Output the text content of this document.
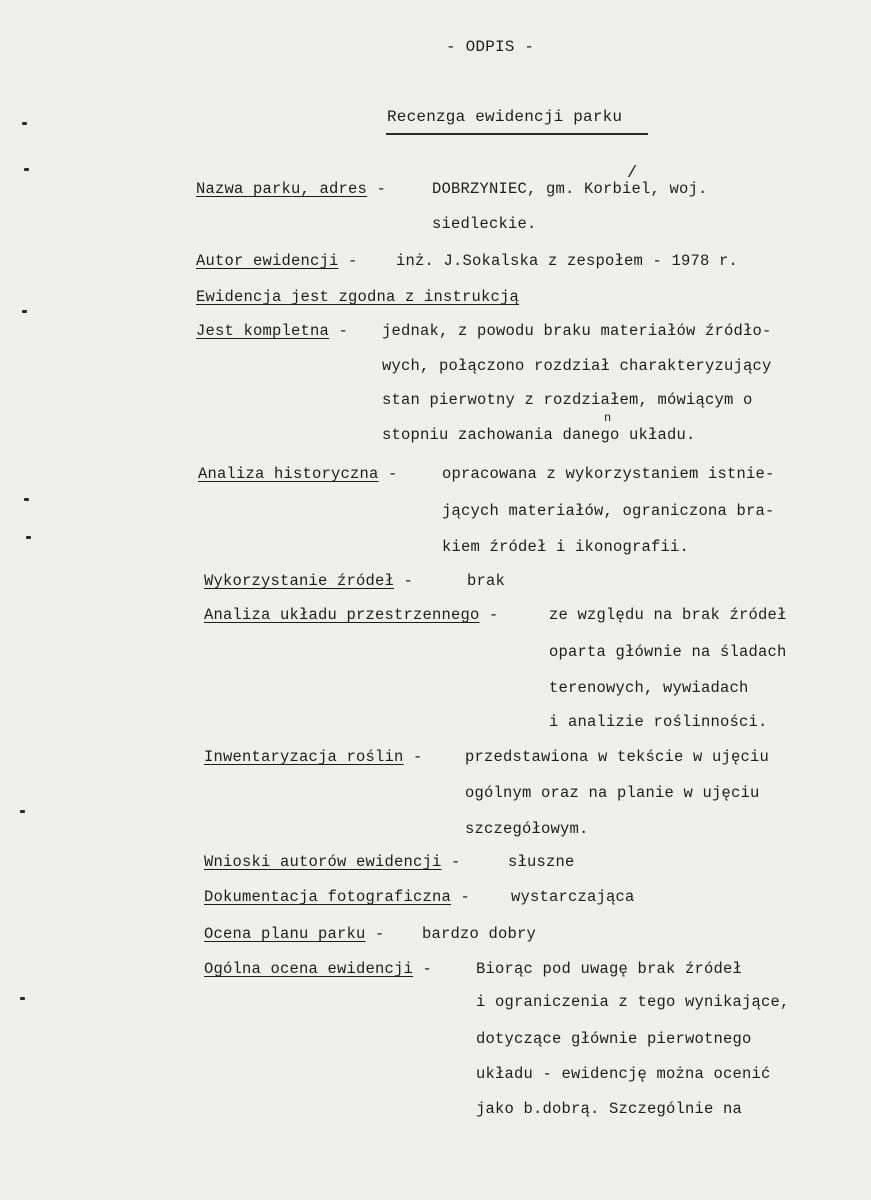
- ODPIS -
Recenzga ewidencji parku
/
n
Nazwa parku, adres -	DOBRZYNIEC, gm. Korbiel, woj.
siedleckie.
Autor ewidencji - inż. J.Sokalska z zespołem - 1978 r.
Ewidencja jest zgodna z instrukcją
Jest kompletna - jednak, z powodu braku materiałów źródło-
wych, połączono rozdział charakteryzujący
stan pierwotny z rozdziałem, mówiącym o
stopniu zachowania danego układu.
Analiza historyczna -	opracowana z wykorzystaniem istnie-
jących materiałów, ograniczona bra-
kiem źródeł i ikonografii.
Wykorzystanie źródeł -	brak
Analiza układu przestrzennego -	ze względu na brak źródeł
oparta głównie na śladach
terenowych, wywiadach
i analizie roślinności.
Inwentaryzacja roślin -	przedstawiona w tekście w ujęciu
ogólnym oraz na planie w ujęciu
szczegółowym.
Wnioski autorów ewidencji -	słuszne
Dokumentacja fotograficzna -	wystarczająca
Ocena planu parku - bardzo dobry
Ogólna ocena ewidencji -	Biorąc pod uwagę brak źródeł
i ograniczenia z tego wynikające,
dotyczące głównie pierwotnego
układu - ewidencję można ocenić
jako b.dobrą. Szczególnie na
